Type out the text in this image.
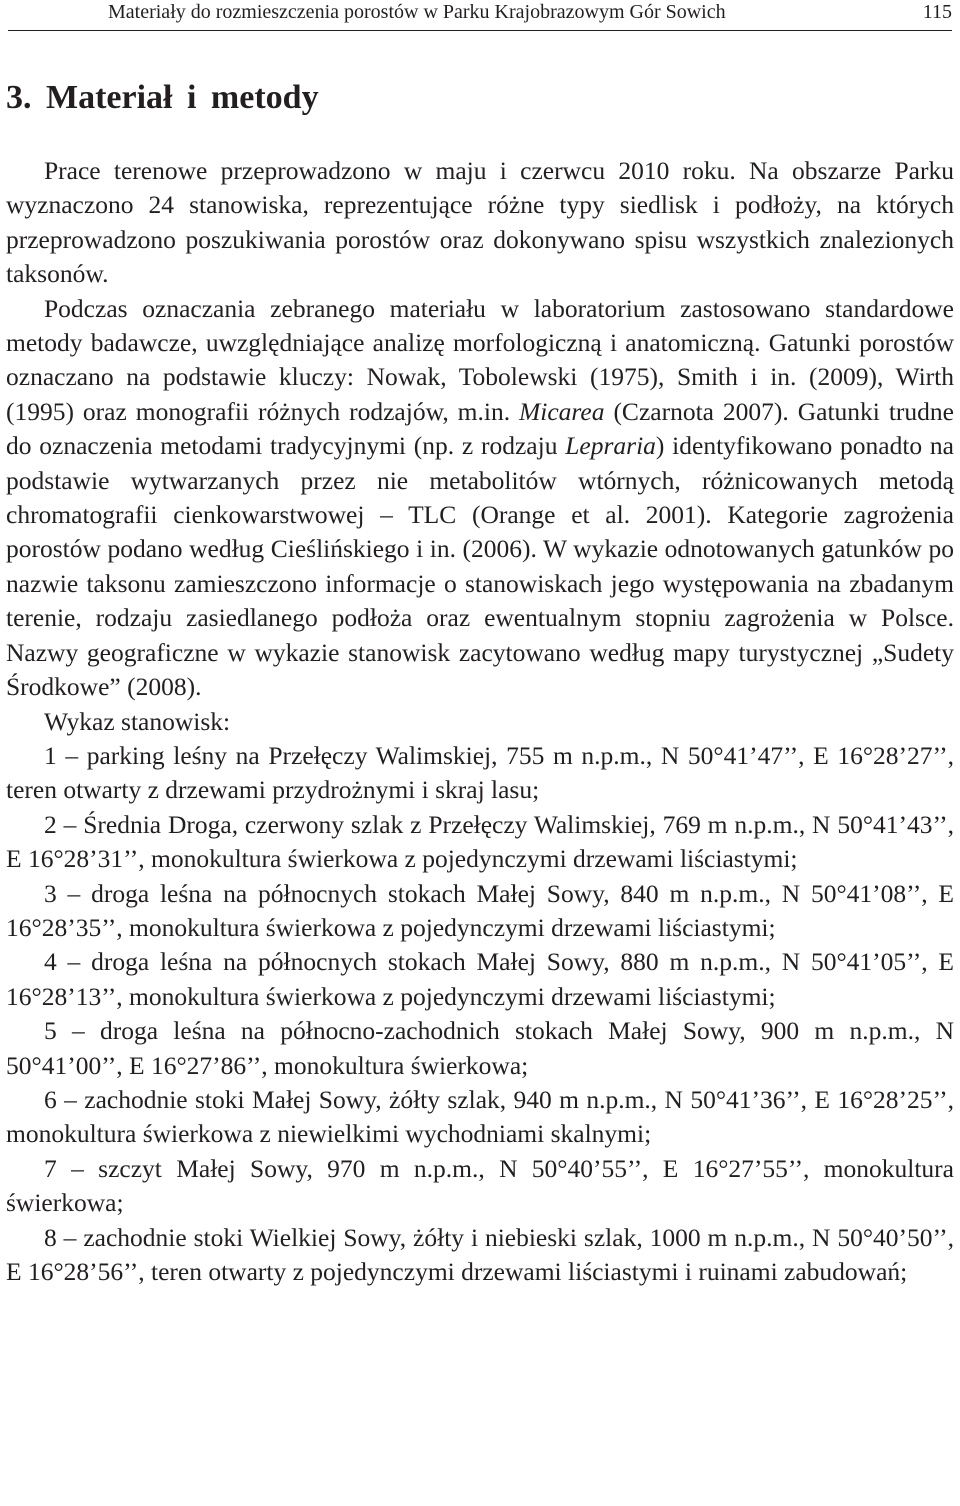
Materiały do rozmieszczenia porostów w Parku Krajobrazowym Gór Sowich	115
3. Materiał i metody

Prace terenowe przeprowadzono w maju i czerwcu 2010 roku. Na obszarze Parku wyznaczono 24 stanowiska, reprezentujące różne typy siedlisk i podłoży, na których przeprowadzono poszukiwania porostów oraz dokonywano spisu wszystkich znalezionych taksonów.

Podczas oznaczania zebranego materiału w laboratorium zastosowano standardowe metody badawcze, uwzględniające analizę morfologiczną i anatomiczną. Gatunki porostów oznaczano na podstawie kluczy: Nowak, Tobolewski (1975), Smith i in. (2009), Wirth (1995) oraz monografii różnych rodzajów, m.in. Micarea (Czarnota 2007). Gatunki trudne do oznaczenia metodami tradycyjnymi (np. z rodzaju Lepraria) identyfikowano ponadto na podstawie wytwarzanych przez nie metabolitów wtórnych, różnicowanych metodą chromatografii cienkowarstwowej – TLC (Orange et al. 2001). Kategorie zagrożenia porostów podano według Cieślińskiego i in. (2006). W wykazie odnotowanych gatunków po nazwie taksonu zamieszczono informacje o stanowiskach jego występowania na zbadanym terenie, rodzaju zasiedlanego podłoża oraz ewentualnym stopniu zagrożenia w Polsce. Nazwy geograficzne w wykazie stanowisk zacytowano według mapy turystycznej „Sudety Środkowe” (2008).

Wykaz stanowisk:

1 – parking leśny na Przełęczy Walimskiej, 755 m n.p.m., N 50°41’47’’, E 16°28’27’’, teren otwarty z drzewami przydrożnymi i skraj lasu;

2 – Średnia Droga, czerwony szlak z Przełęczy Walimskiej, 769 m n.p.m., N 50°41’43’’, E 16°28’31’’, monokultura świerkowa z pojedynczymi drzewami liściastymi;

3 – droga leśna na północnych stokach Małej Sowy, 840 m n.p.m., N 50°41’08’’, E 16°28’35’’, monokultura świerkowa z pojedynczymi drzewami liściastymi;

4 – droga leśna na północnych stokach Małej Sowy, 880 m n.p.m., N 50°41’05’’, E 16°28’13’’, monokultura świerkowa z pojedynczymi drzewami liściastymi;

5 – droga leśna na północno-zachodnich stokach Małej Sowy, 900 m n.p.m., N 50°41’00’’, E 16°27’86’’, monokultura świerkowa;

6 – zachodnie stoki Małej Sowy, żółty szlak, 940 m n.p.m., N 50°41’36’’, E 16°28’25’’, monokultura świerkowa z niewielkimi wychodniami skalnymi;

7 – szczyt Małej Sowy, 970 m n.p.m., N 50°40’55’’, E 16°27’55’’, monokultura świerkowa;

8 – zachodnie stoki Wielkiej Sowy, żółty i niebieski szlak, 1000 m n.p.m., N 50°40’50’’, E 16°28’56’’, teren otwarty z pojedynczymi drzewami liściastymi i ruinami zabudowań;
